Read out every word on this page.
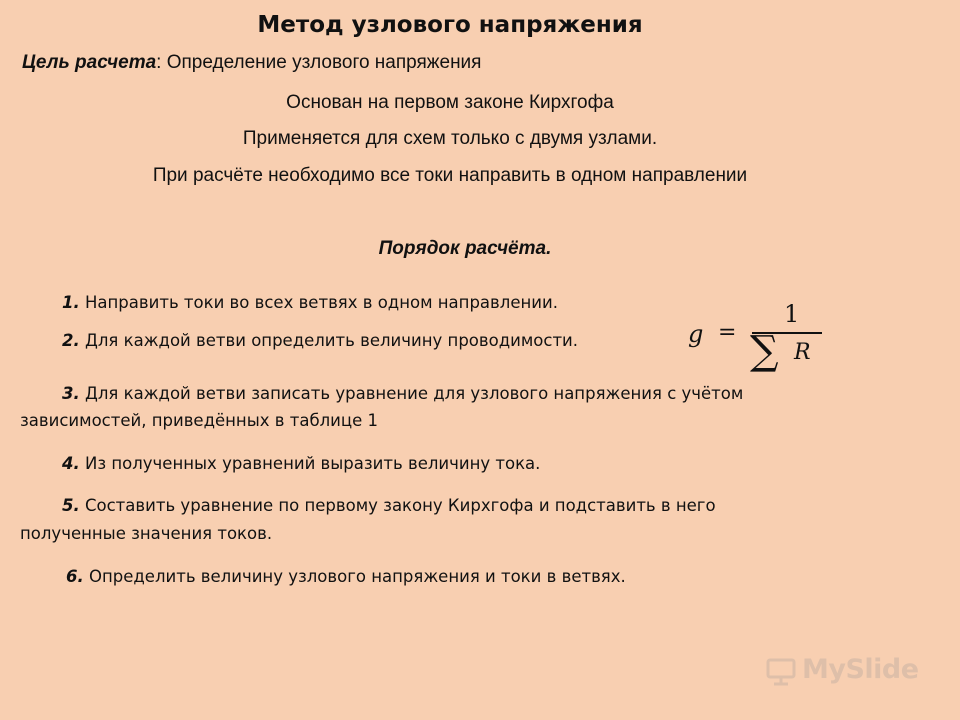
Метод узлового напряжения
Цель расчета: Определение узлового напряжения
Основан на первом законе Кирхгофа
Применяется для схем только с двумя узлами.
При расчёте необходимо все токи направить в одном направлении
Порядок расчёта.
1. Направить токи во всех ветвях в одном направлении.
2. Для каждой ветви определить величину проводимости.	g =
1
∑ R
3. Для каждой ветви записать уравнение для узлового напряжения с учётом
зависимостей, приведённых в таблице 1
4. Из полученных уравнений выразить величину тока.
5. Составить уравнение по первому закону Кирхгофа и подставить в него
полученные значения токов.
6. Определить величину узлового напряжения и токи в ветвях.
MySlide
